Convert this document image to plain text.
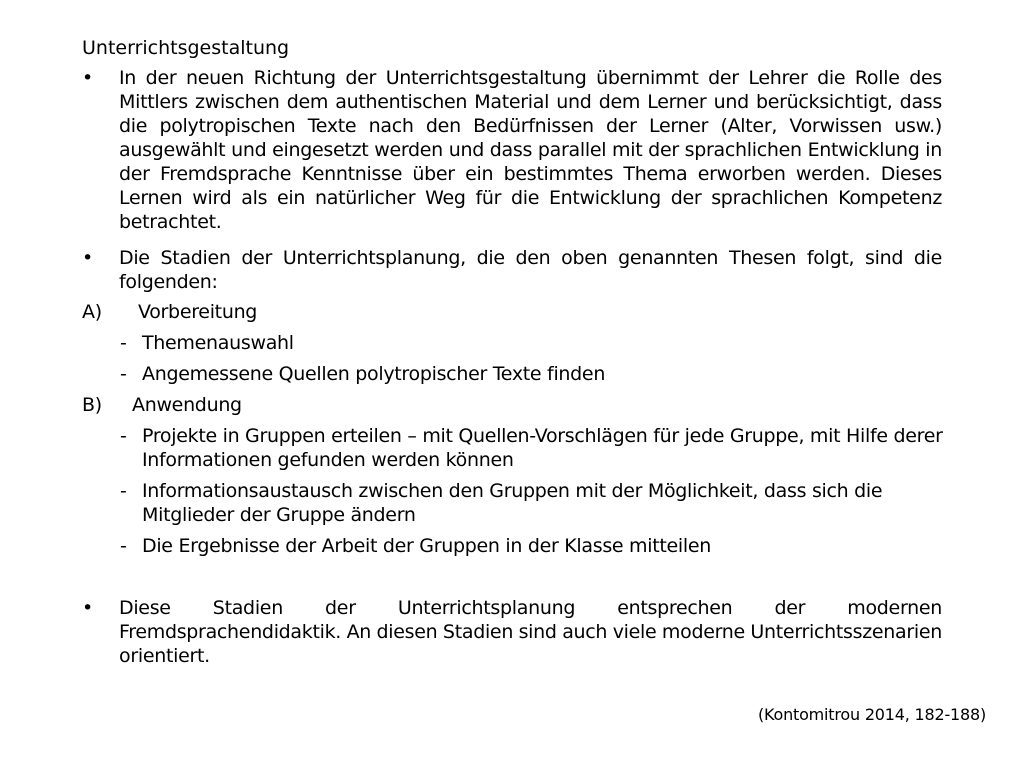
Unterrichtsgestaltung
•	In der neuen Richtung der Unterrichtsgestaltung übernimmt der Lehrer die Rolle des Mittlers zwischen dem authentischen Material und dem Lerner und berücksichtigt, dass die polytropischen Texte nach den Bedürfnissen der Lerner (Alter, Vorwissen usw.) ausgewählt und eingesetzt werden und dass parallel mit der sprachlichen Entwicklung in der Fremdsprache Kenntnisse über ein bestimmtes Thema erworben werden. Dieses Lernen wird als ein natürlicher Weg für die Entwicklung der sprachlichen Kompetenz betrachtet.
•	Die Stadien der Unterrichtsplanung, die den oben genannten Thesen folgt, sind die folgenden:
A) Vorbereitung
- Themenauswahl
- Angemessene Quellen polytropischer Texte finden
B) Anwendung
- Projekte in Gruppen erteilen – mit Quellen-Vorschlägen für jede Gruppe, mit Hilfe derer Informationen gefunden werden können
- Informationsaustausch zwischen den Gruppen mit der Möglichkeit, dass sich die Mitglieder der Gruppe ändern
- Die Ergebnisse der Arbeit der Gruppen in der Klasse mitteilen
•	Diese Stadien der Unterrichtsplanung entsprechen der modernen Fremdsprachendidaktik. An diesen Stadien sind auch viele moderne Unterrichtsszenarien orientiert.
(Kontomitrou 2014, 182-188)
